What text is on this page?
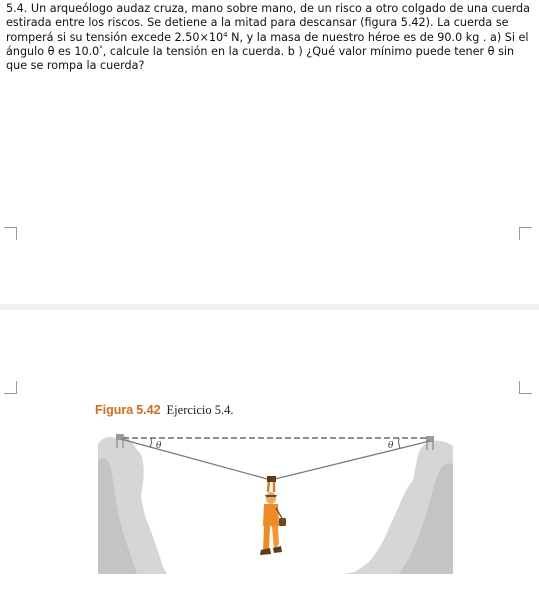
5.4. Un arqueólogo audaz cruza, mano sobre mano, de un risco a otro colgado de una cuerda estirada entre los riscos. Se detiene a la mitad para descansar (figura 5.42). La cuerda se romperá si su tensión excede $2.50\times 10^4$ N, y la masa de nuestro héroe es de 90.0 kg . a) Si el ángulo θ es 10.0°, calcule la tensión en la cuerda. b ) ¿Qué valor mínimo puede tener θ sin que se rompa la cuerda?

Figura 5.42 Ejercicio 5.4.

θ	θ
